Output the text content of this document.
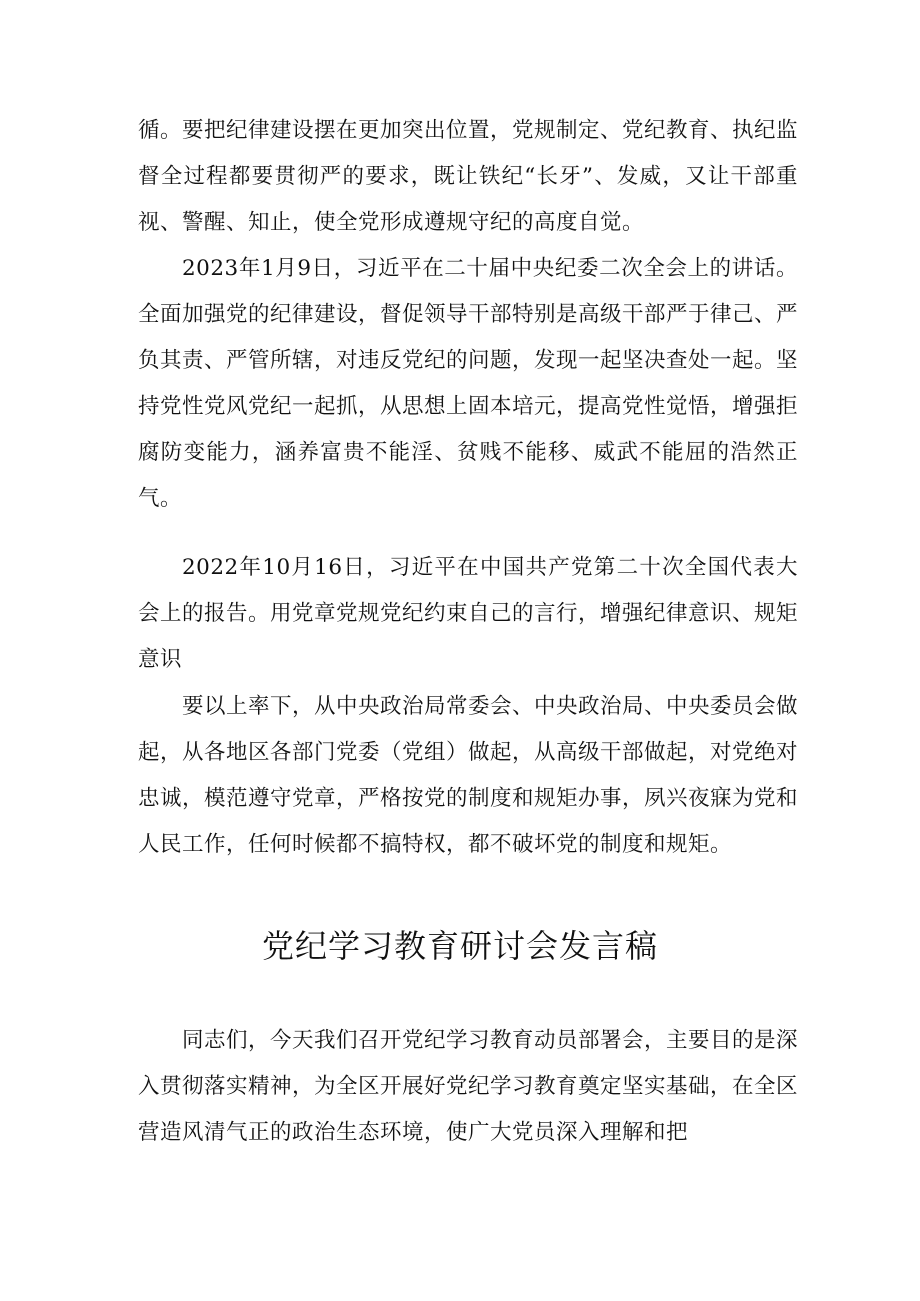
循。要把纪律建设摆在更加突出位置，党规制定、党纪教育、执纪监督全过程都要贯彻严的要求，既让铁纪“长牙”、发威，又让干部重视、警醒、知止，使全党形成遵规守纪的高度自觉。

2023年1月9日，习近平在二十届中央纪委二次全会上的讲话。全面加强党的纪律建设，督促领导干部特别是高级干部严于律己、严负其责、严管所辖，对违反党纪的问题，发现一起坚决查处一起。坚持党性党风党纪一起抓，从思想上固本培元，提高党性觉悟，增强拒腐防变能力，涵养富贵不能淫、贫贱不能移、威武不能屈的浩然正气。

2022年10月16日，习近平在中国共产党第二十次全国代表大会上的报告。用党章党规党纪约束自己的言行，增强纪律意识、规矩意识

要以上率下，从中央政治局常委会、中央政治局、中央委员会做起，从各地区各部门党委（党组）做起，从高级干部做起，对党绝对忠诚，模范遵守党章，严格按党的制度和规矩办事，夙兴夜寐为党和人民工作，任何时候都不搞特权，都不破坏党的制度和规矩。

党纪学习教育研讨会发言稿

同志们，今天我们召开党纪学习教育动员部署会，主要目的是深入贯彻落实精神，为全区开展好党纪学习教育奠定坚实基础，在全区营造风清气正的政治生态环境，使广大党员深入理解和把
